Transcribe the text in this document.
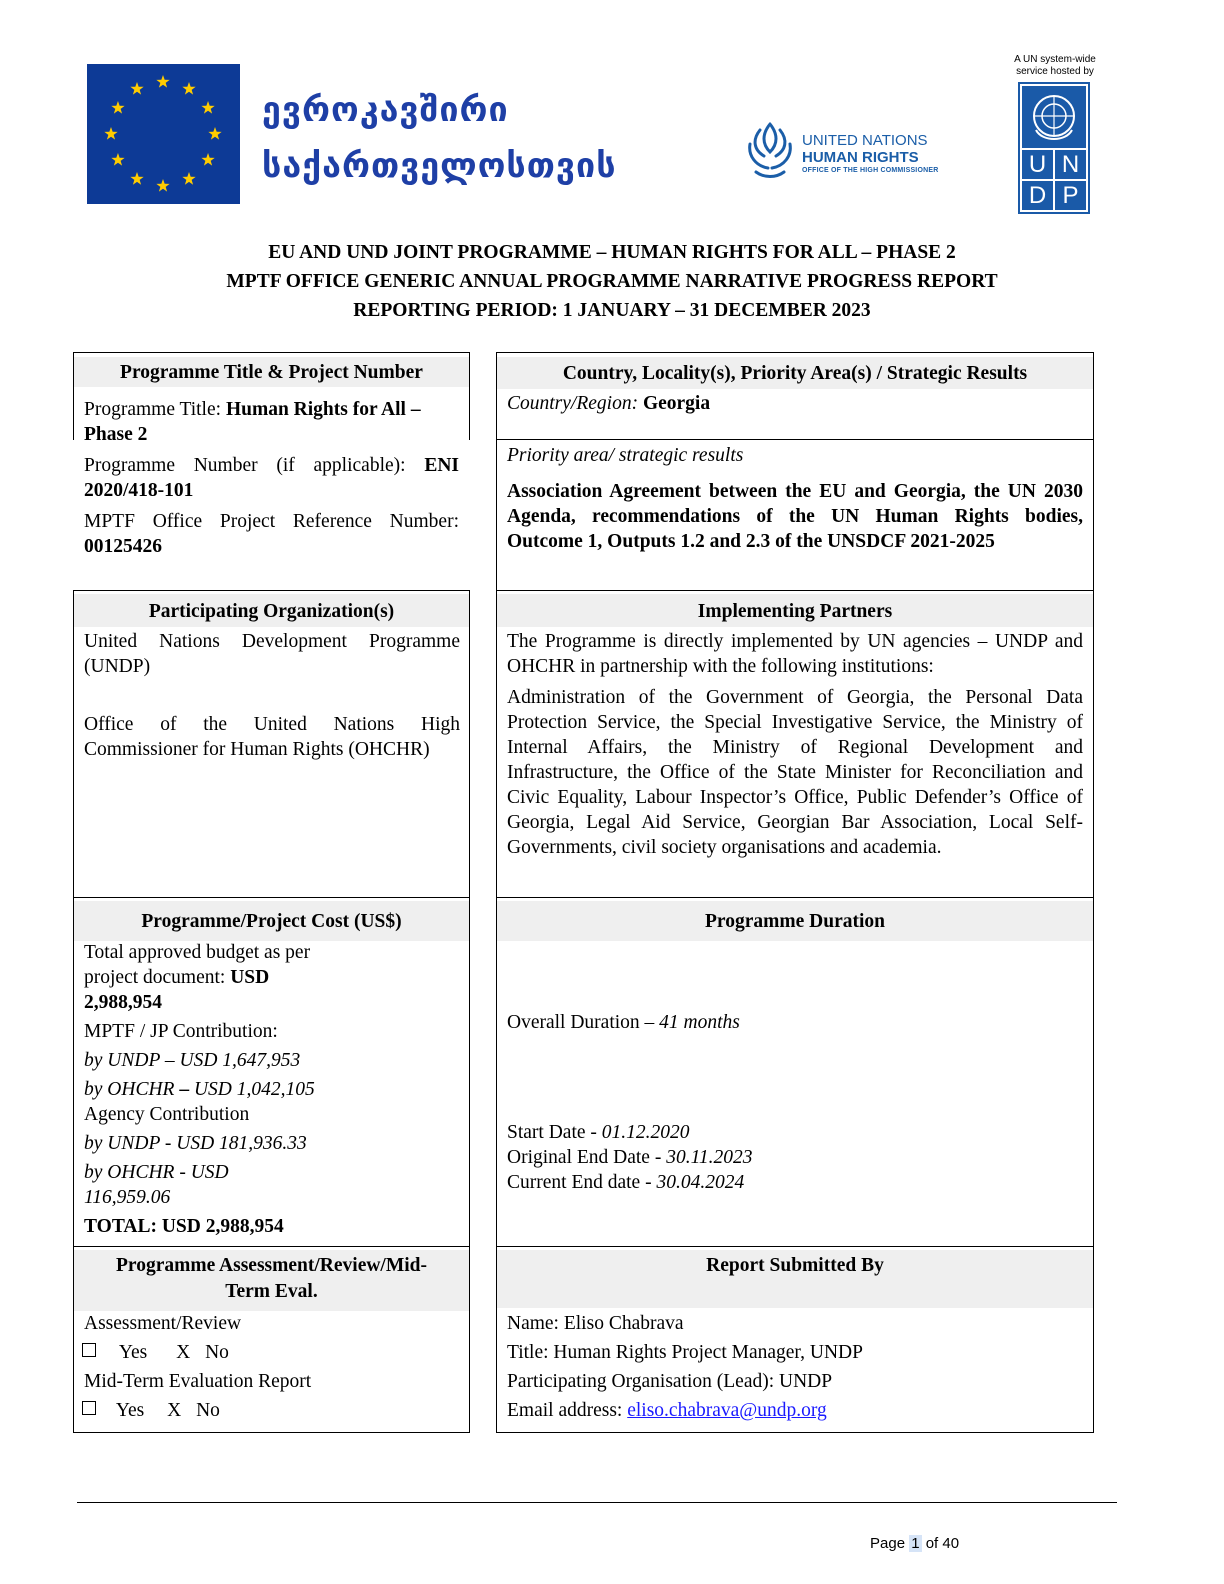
ევროკავშირი
საქართველოსთვის
UNITED NATIONS
HUMAN RIGHTS
OFFICE OF THE HIGH COMMISSIONER
A UN system-wide
service hosted by
U N
D P
EU AND UND JOINT PROGRAMME – HUMAN RIGHTS FOR ALL – PHASE 2
MPTF OFFICE GENERIC ANNUAL PROGRAMME NARRATIVE PROGRESS REPORT
REPORTING PERIOD: 1 JANUARY – 31 DECEMBER 2023
Programme Title & Project Number
Programme Title: Human Rights for All –
Phase 2
Programme Number (if applicable): ENI
2020/418-101
MPTF Office Project Reference Number:
00125426
Country, Locality(s), Priority Area(s) / Strategic Results
Country/Region: Georgia
Priority area/ strategic results
Association Agreement between the EU and Georgia, the UN 2030 Agenda, recommendations of the UN Human Rights bodies, Outcome 1, Outputs 1.2 and 2.3 of the UNSDCF 2021-2025
Participating Organization(s)
United Nations Development Programme (UNDP)
Office of the United Nations High Commissioner for Human Rights (OHCHR)
Implementing Partners
The Programme is directly implemented by UN agencies – UNDP and OHCHR in partnership with the following institutions:
Administration of the Government of Georgia, the Personal Data Protection Service, the Special Investigative Service, the Ministry of Internal Affairs, the Ministry of Regional Development and Infrastructure, the Office of the State Minister for Reconciliation and Civic Equality, Labour Inspector’s Office, Public Defender’s Office of Georgia, Legal Aid Service, Georgian Bar Association, Local Self-Governments, civil society organisations and academia.
Programme/Project Cost (US$)
Total approved budget as per
project document: USD
2,988,954
MPTF / JP Contribution:
by UNDP – USD 1,647,953
by OHCHR – USD 1,042,105
Agency Contribution
by UNDP - USD 181,936.33
by OHCHR - USD
116,959.06
TOTAL: USD 2,988,954
Programme Duration
Overall Duration – 41 months
Start Date - 01.12.2020
Original End Date - 30.11.2023
Current End date - 30.04.2024
Programme Assessment/Review/Mid-
Term Eval.
Assessment/Review
Yes X No
Mid-Term Evaluation Report
Yes X No
Report Submitted By
Name: Eliso Chabrava
Title: Human Rights Project Manager, UNDP
Participating Organisation (Lead): UNDP
Email address: eliso.chabrava@undp.org
Page 1 of 40
